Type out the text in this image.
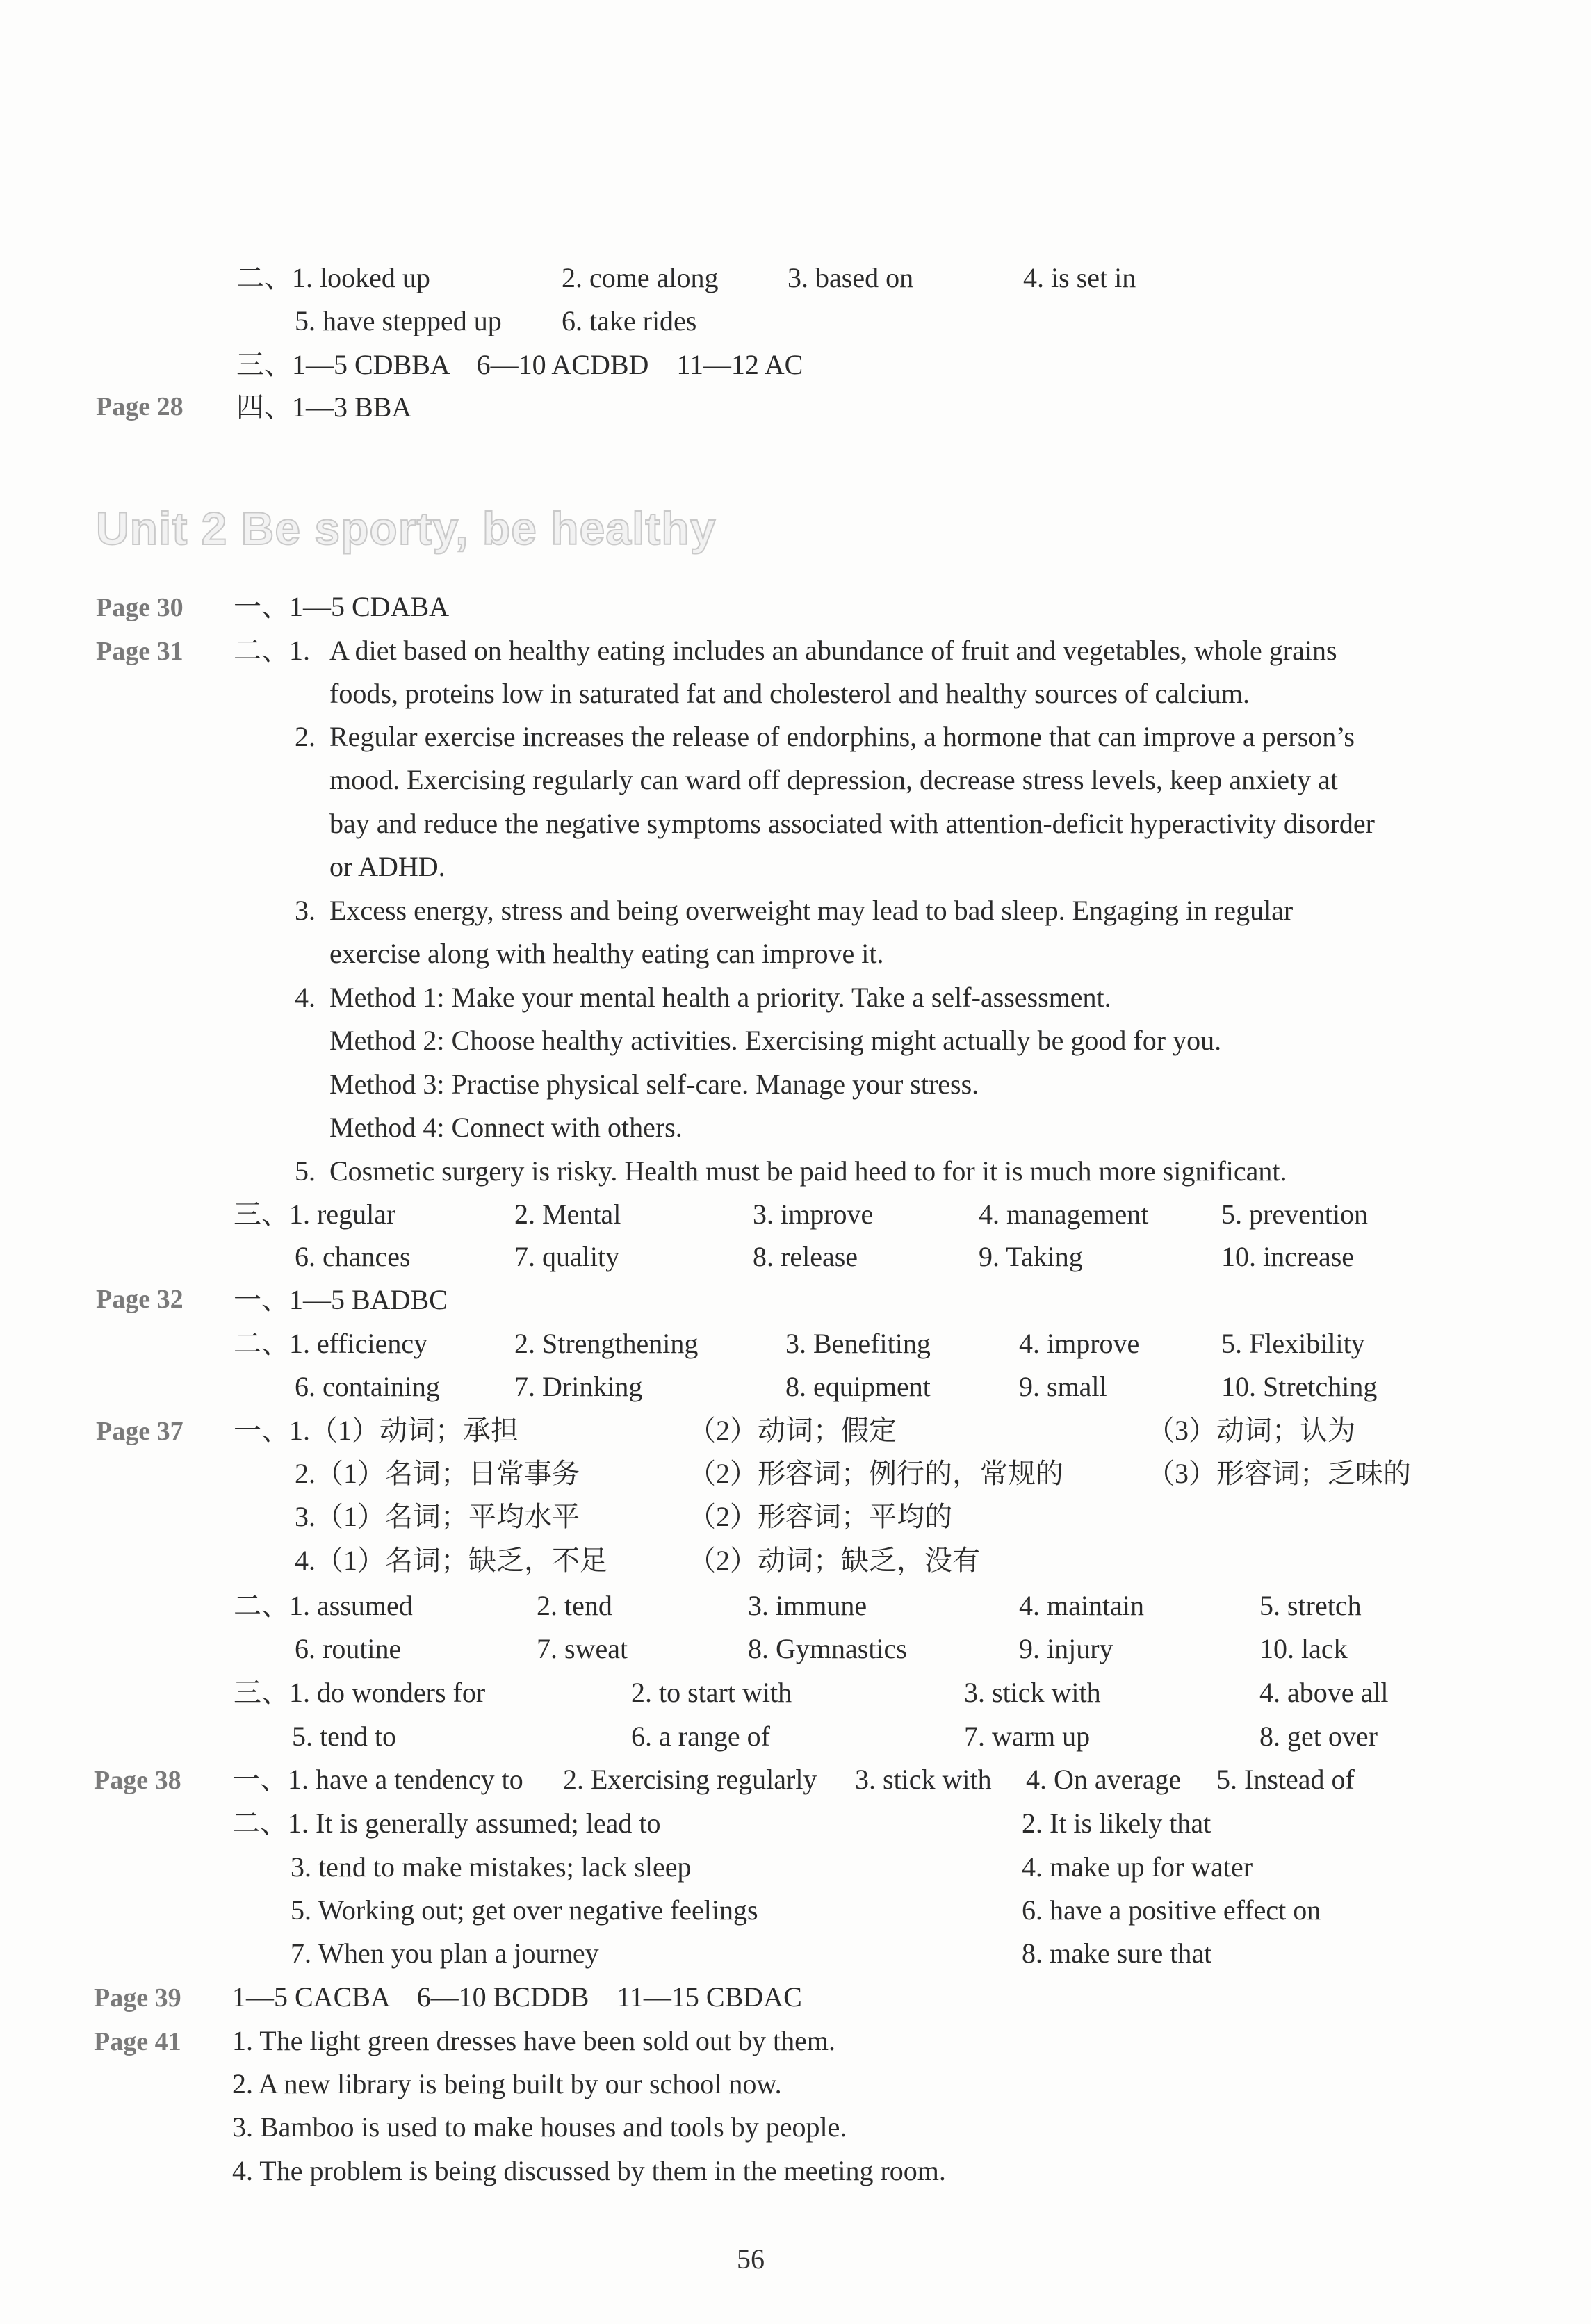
Page 28
Page 30
Page 31
Page 32
Page 37
Page 38
Page 39
Page 41
Unit 2 Be sporty, be healthy
二、1. looked up	2. come along 3. based on	4. is set in
5. have stepped up 6. take rides
三、1—5 CDBBA　6—10 ACDBD　11—12 AC
四、1—3 BBA
一、1—5 CDABA
二、1. A diet based on healthy eating includes an abundance of fruit and vegetables, whole grains
foods, proteins low in saturated fat and cholesterol and healthy sources of calcium.
2. Regular exercise increases the release of endorphins, a hormone that can improve a person’s
mood. Exercising regularly can ward off depression, decrease stress levels, keep anxiety at
bay and reduce the negative symptoms associated with attention-deficit hyperactivity disorder
or ADHD.
3. Excess energy, stress and being overweight may lead to bad sleep. Engaging in regular
exercise along with healthy eating can improve it.
4. Method 1: Make your mental health a priority. Take a self-assessment.
Method 2: Choose healthy activities. Exercising might actually be good for you.
Method 3: Practise physical self-care. Manage your stress.
Method 4: Connect with others.
5. Cosmetic surgery is risky. Health must be paid heed to for it is much more significant.
三、1. regular	2. Mental	3. improve	4. management	5. prevention
6. chances	7. quality	8. release	9. Taking	10. increase
一、1—5 BADBC
二、1. efficiency	2. Strengthening	3. Benefiting	4. improve	5. Flexibility
6. containing	7. Drinking	8. equipment	9. small	10. Stretching
一、1.（1）动词；承担	（2）动词；假定	（3）动词；认为
2.（1）名词；日常事务	（2）形容词；例行的，常规的	（3）形容词；乏味的
3.（1）名词；平均水平	（2）形容词；平均的
4.（1）名词；缺乏，不足	（2）动词；缺乏，没有
二、1. assumed	2. tend	3. immune	4. maintain	5. stretch
6. routine	7. sweat	8. Gymnastics	9. injury	10. lack
三、1. do wonders for	2. to start with	3. stick with	4. above all
5. tend to	6. a range of	7. warm up	8. get over
一、1. have a tendency to 2. Exercising regularly 3. stick with 4. On average 5. Instead of
二、1. It is generally assumed; lead to	2. It is likely that
3. tend to make mistakes; lack sleep	4. make up for water
5. Working out; get over negative feelings	6. have a positive effect on
7. When you plan a journey	8. make sure that
1—5 CACBA　6—10 BCDDB　11—15 CBDAC
1. The light green dresses have been sold out by them.
2. A new library is being built by our school now.
3. Bamboo is used to make houses and tools by people.
4. The problem is being discussed by them in the meeting room.
56
